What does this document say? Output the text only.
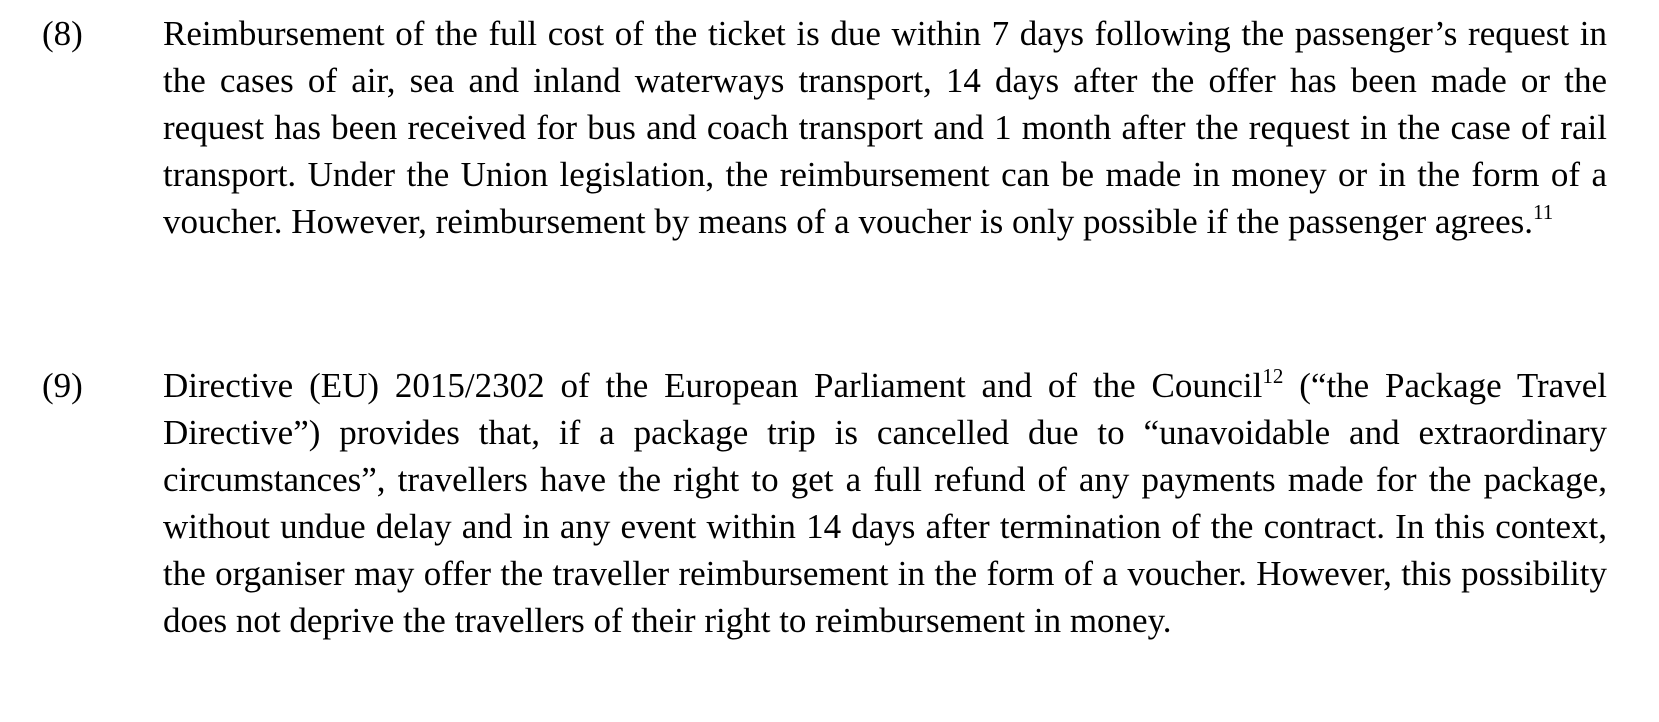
(8) Reimbursement of the full cost of the ticket is due within 7 days following the passenger’s request in the cases of air, sea and inland waterways transport, 14 days after the offer has been made or the request has been received for bus and coach transport and 1 month after the request in the case of rail transport. Under the Union legislation, the reimbursement can be made in money or in the form of a voucher. However, reimbursement by means of a voucher is only possible if the passenger agrees.$^{11}$

(9) Directive (EU) 2015/2302 of the European Parliament and of the Council$^{12}$ (“the Package Travel Directive”) provides that, if a package trip is cancelled due to “unavoidable and extraordinary circumstances”, travellers have the right to get a full refund of any payments made for the package, without undue delay and in any event within 14 days after termination of the contract. In this context, the organiser may offer the traveller reimbursement in the form of a voucher. However, this possibility does not deprive the travellers of their right to reimbursement in money.
